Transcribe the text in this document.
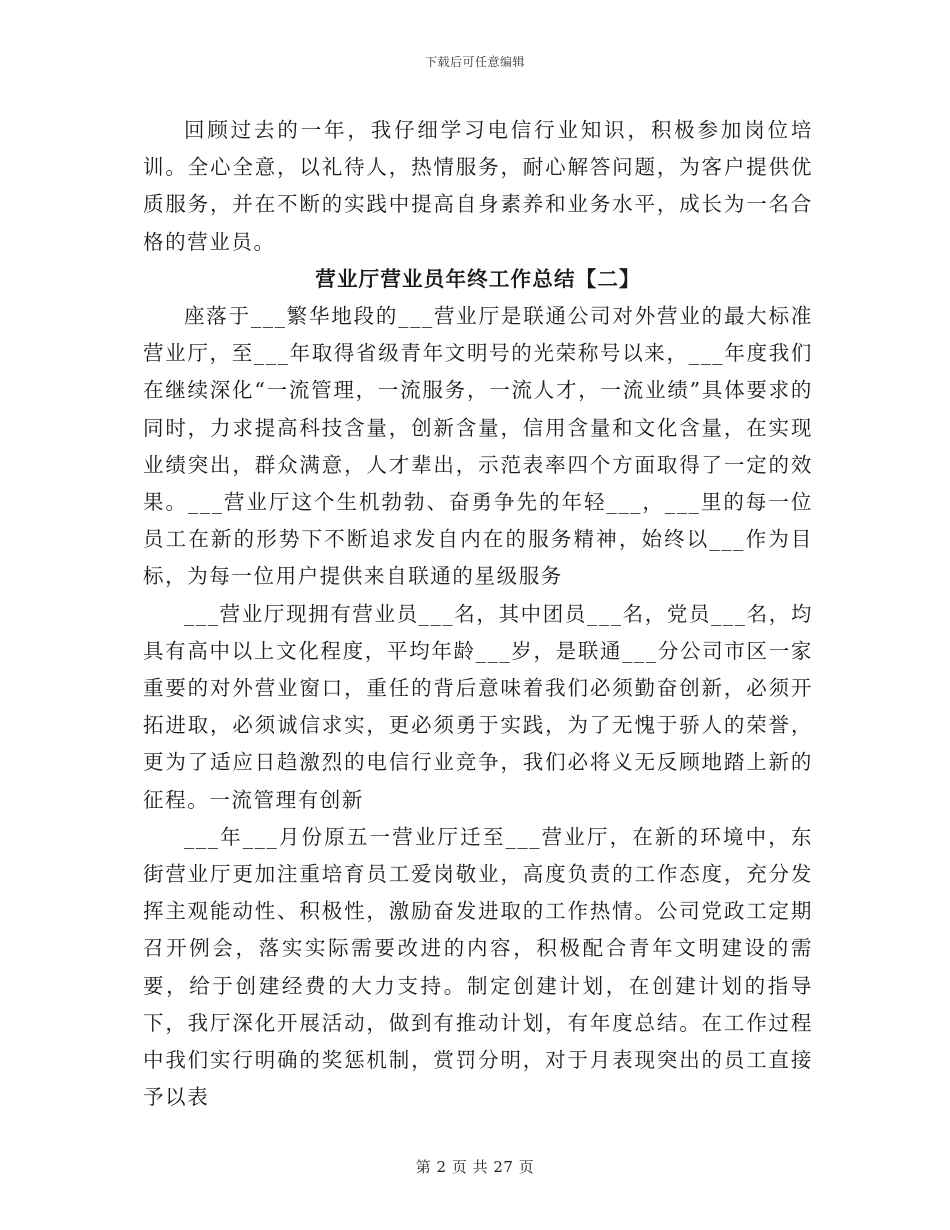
下载后可任意编辑

回顾过去的一年，我仔细学习电信行业知识，积极参加岗位培训。全心全意，以礼待人，热情服务，耐心解答问题，为客户提供优质服务，并在不断的实践中提高自身素养和业务水平，成长为一名合格的营业员。

营业厅营业员年终工作总结【二】

座落于___繁华地段的___营业厅是联通公司对外营业的最大标准营业厅，至___年取得省级青年文明号的光荣称号以来，___年度我们在继续深化“一流管理，一流服务，一流人才，一流业绩”具体要求的同时，力求提高科技含量，创新含量，信用含量和文化含量，在实现业绩突出，群众满意，人才辈出，示范表率四个方面取得了一定的效果。___营业厅这个生机勃勃、奋勇争先的年轻___，___里的每一位员工在新的形势下不断追求发自内在的服务精神，始终以___作为目标，为每一位用户提供来自联通的星级服务

___营业厅现拥有营业员___名，其中团员___名，党员___名，均具有高中以上文化程度，平均年龄___岁，是联通___分公司市区一家重要的对外营业窗口，重任的背后意味着我们必须勤奋创新，必须开拓进取，必须诚信求实，更必须勇于实践，为了无愧于骄人的荣誉，更为了适应日趋激烈的电信行业竞争，我们必将义无反顾地踏上新的征程。一流管理有创新

___年___月份原五一营业厅迁至___营业厅，在新的环境中，东街营业厅更加注重培育员工爱岗敬业，高度负责的工作态度，充分发挥主观能动性、积极性，激励奋发进取的工作热情。公司党政工定期召开例会，落实实际需要改进的内容，积极配合青年文明建设的需要，给于创建经费的大力支持。制定创建计划，在创建计划的指导下，我厅深化开展活动，做到有推动计划，有年度总结。在工作过程中我们实行明确的奖惩机制，赏罚分明，对于月表现突出的员工直接予以表

第 2 页 共 27 页
